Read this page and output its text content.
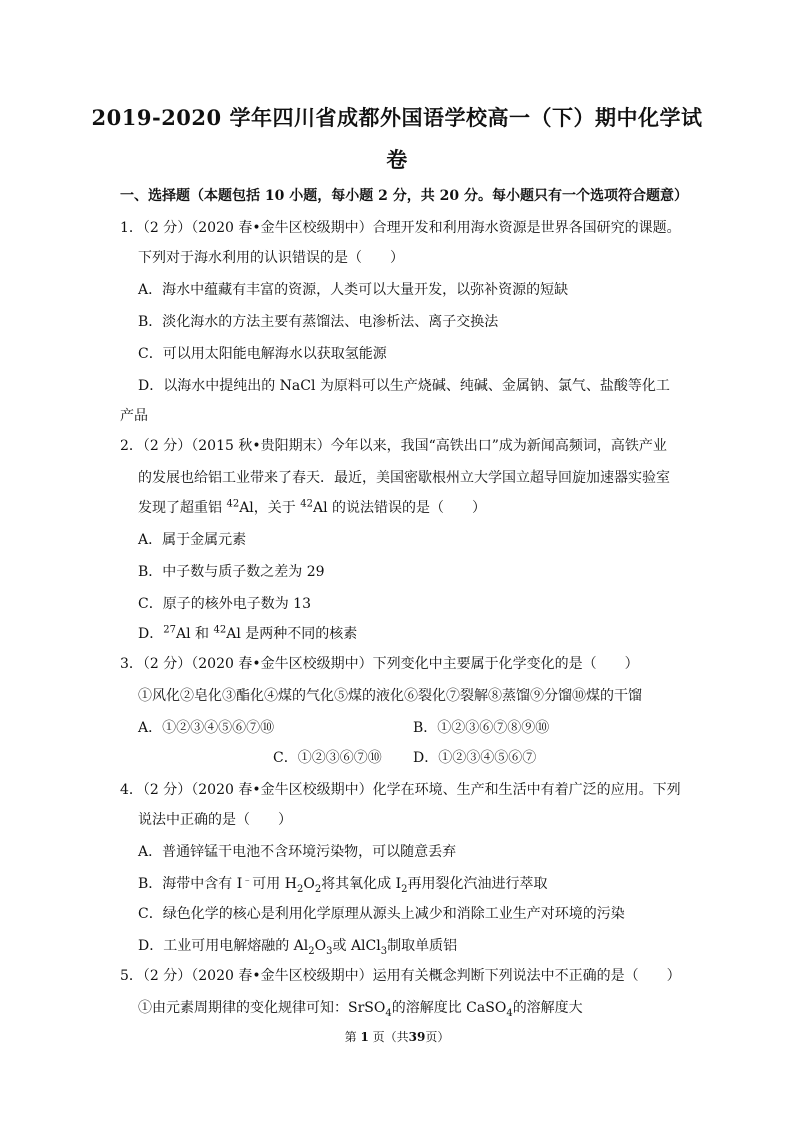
2019-2020 学年四川省成都外国语学校高一（下）期中化学试
卷
一、选择题（本题包括 10 小题，每小题 2 分，共 20 分。每小题只有一个选项符合题意）
1．（2 分）（2020 春•金牛区校级期中）合理开发和利用海水资源是世界各国研究的课题。
下列对于海水利用的认识错误的是（　　）
A．海水中蕴藏有丰富的资源，人类可以大量开发，以弥补资源的短缺
B．淡化海水的方法主要有蒸馏法、电渗析法、离子交换法
C．可以用太阳能电解海水以获取氢能源
D．以海水中提纯出的 NaCl 为原料可以生产烧碱、纯碱、金属钠、氯气、盐酸等化工
产品
2．（2 分）（2015 秋•贵阳期末）今年以来，我国“高铁出口”成为新闻高频词，高铁产业
的发展也给铝工业带来了春天．最近，美国密歇根州立大学国立超导回旋加速器实验室
发现了超重铝 $^{42}$Al，关于 $^{42}$Al 的说法错误的是（　　）
A．属于金属元素
B．中子数与质子数之差为 29
C．原子的核外电子数为 13
D．$^{27}$Al 和 $^{42}$Al 是两种不同的核素
3．（2 分）（2020 春•金牛区校级期中）下列变化中主要属于化学变化的是（　　）
①风化②皂化③酯化④煤的气化⑤煤的液化⑥裂化⑦裂解⑧蒸馏⑨分馏⑩煤的干馏
A．①②③④⑤⑥⑦⑩	B．①②③⑥⑦⑧⑨⑩
C．①②③⑥⑦⑩ D．①②③④⑤⑥⑦
4．（2 分）（2020 春•金牛区校级期中）化学在环境、生产和生活中有着广泛的应用。下列
说法中正确的是（　　）
A．普通锌锰干电池不含环境污染物，可以随意丢弃
B．海带中含有 I﹣可用 $H_2O_2$将其氧化成 $I_2$再用裂化汽油进行萃取
C．绿色化学的核心是利用化学原理从源头上减少和消除工业生产对环境的污染
D．工业可用电解熔融的 $Al_2O_3$或 AlCl$_3$制取单质铝
5．（2 分）（2020 春•金牛区校级期中）运用有关概念判断下列说法中不正确的是（　　）
①由元素周期律的变化规律可知：SrSO$_4$的溶解度比 CaSO$_4$的溶解度大
第 1 页（共39页）
